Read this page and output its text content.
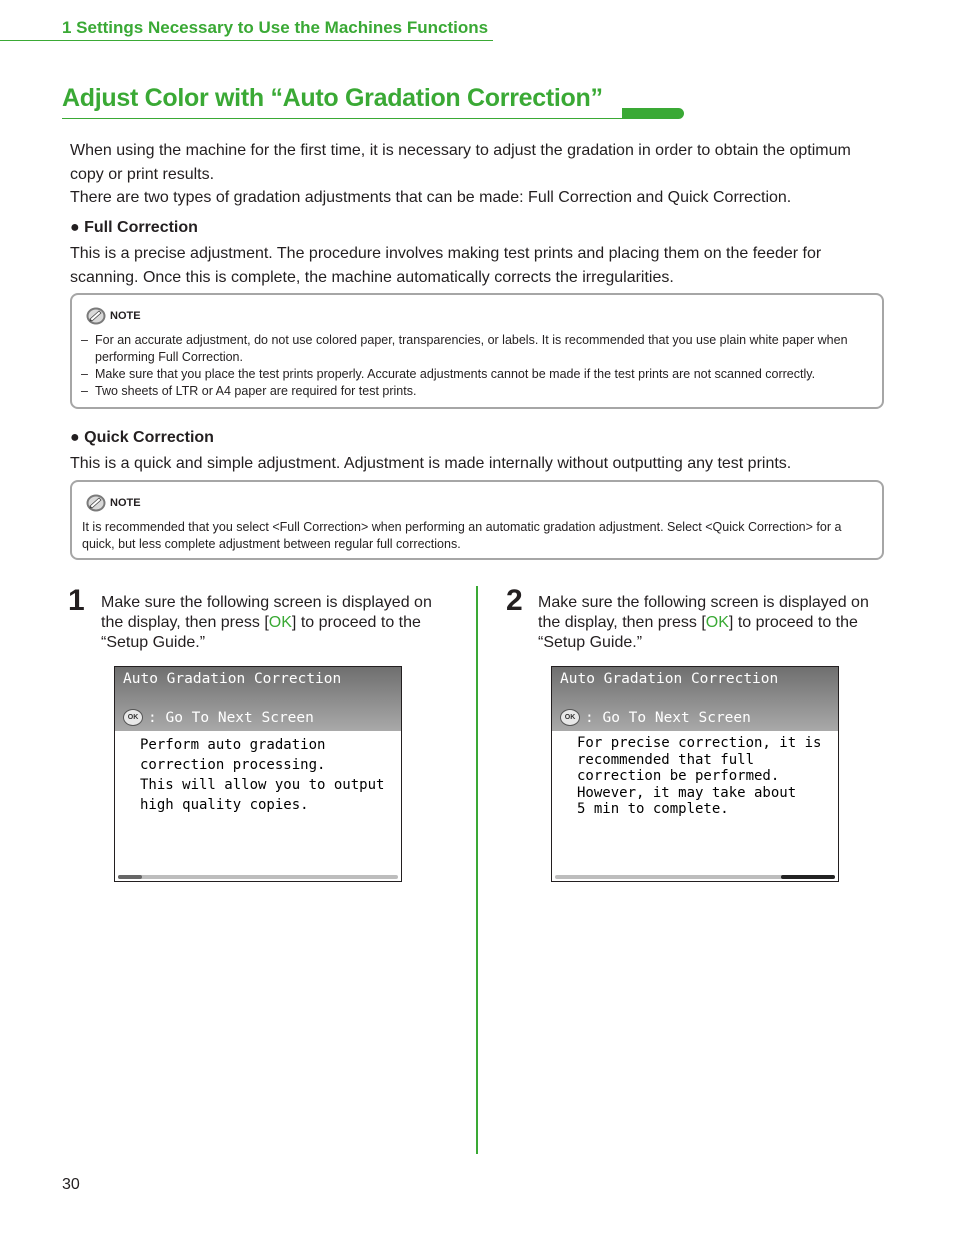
1 Settings Necessary to Use the Machines Functions
Adjust Color with “Auto Gradation Correction”
When using the machine for the first time, it is necessary to adjust the gradation in order to obtain the optimum copy or print results.
There are two types of gradation adjustments that can be made: Full Correction and Quick Correction.
● Full Correction
This is a precise adjustment. The procedure involves making test prints and placing them on the feeder for scanning. Once this is complete, the machine automatically corrects the irregularities.
NOTE
– For an accurate adjustment, do not use colored paper, transparencies, or labels. It is recommended that you use plain white paper when performing Full Correction.
– Make sure that you place the test prints properly. Accurate adjustments cannot be made if the test prints are not scanned correctly.
– Two sheets of LTR or A4 paper are required for test prints.
● Quick Correction
This is a quick and simple adjustment. Adjustment is made internally without outputting any test prints.
NOTE
It is recommended that you select <Full Correction> when performing an automatic gradation adjustment. Select <Quick Correction> for a quick, but less complete adjustment between regular full corrections.
1 Make sure the following screen is displayed on the display, then press [OK] to proceed to the “Setup Guide.”
Auto Gradation Correction
OK : Go To Next Screen
Perform auto gradation
correction processing.
This will allow you to output
high quality copies.
2 Make sure the following screen is displayed on the display, then press [OK] to proceed to the “Setup Guide.”
Auto Gradation Correction
OK : Go To Next Screen
For precise correction, it is
recommended that full
correction be performed.
However, it may take about
5 min to complete.
30
